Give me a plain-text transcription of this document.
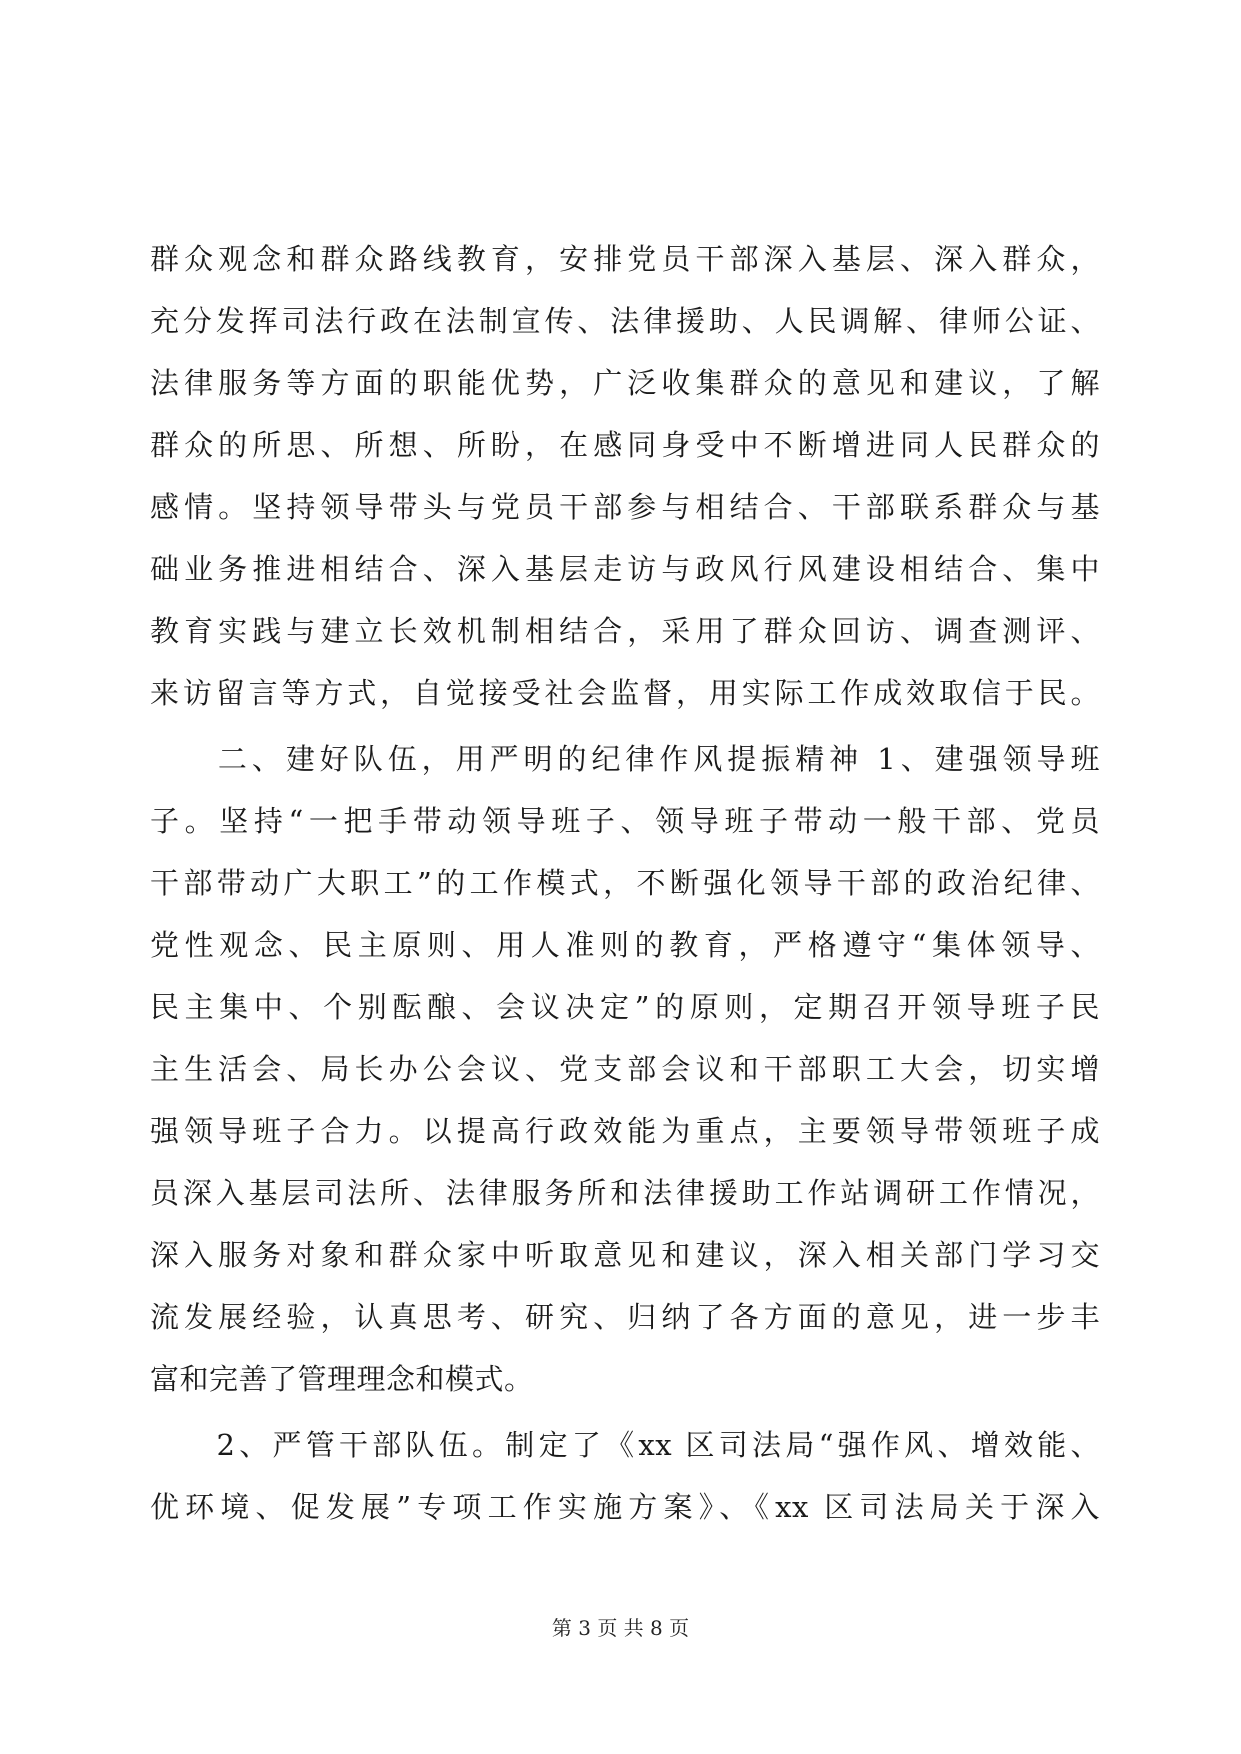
群众观念和群众路线教育，安排党员干部深入基层、深入群众，
充分发挥司法行政在法制宣传、法律援助、人民调解、律师公证、
法律服务等方面的职能优势，广泛收集群众的意见和建议，了解
群众的所思、所想、所盼，在感同身受中不断增进同人民群众的
感情。坚持领导带头与党员干部参与相结合、干部联系群众与基
础业务推进相结合、深入基层走访与政风行风建设相结合、集中
教育实践与建立长效机制相结合，采用了群众回访、调查测评、
来访留言等方式，自觉接受社会监督，用实际工作成效取信于民。
　　二、建好队伍，用严明的纪律作风提振精神 1、建强领导班
子。坚持“一把手带动领导班子、领导班子带动一般干部、党员
干部带动广大职工”的工作模式，不断强化领导干部的政治纪律、
党性观念、民主原则、用人准则的教育，严格遵守“集体领导、
民主集中、个别酝酿、会议决定”的原则，定期召开领导班子民
主生活会、局长办公会议、党支部会议和干部职工大会，切实增
强领导班子合力。以提高行政效能为重点，主要领导带领班子成
员深入基层司法所、法律服务所和法律援助工作站调研工作情况，
深入服务对象和群众家中听取意见和建议，深入相关部门学习交
流发展经验，认真思考、研究、归纳了各方面的意见，进一步丰
富和完善了管理理念和模式。
　　2、严管干部队伍。制定了《xx 区司法局“强作风、增效能、
优环境、促发展”专项工作实施方案》、《xx 区司法局关于深入
第 3 页 共 8 页
